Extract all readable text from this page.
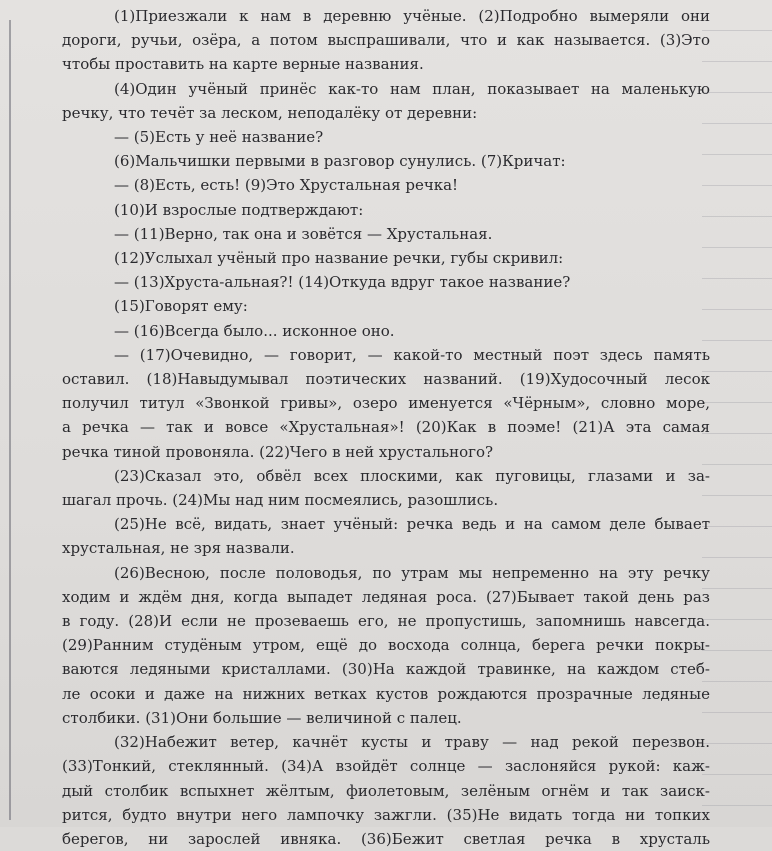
(1)Приезжали к нам в деревню учёные. (2)Подробно вымеряли они
дороги, ручьи, озёра, а потом выспрашивали, что и как называется. (3)Это
чтобы проставить на карте верные названия.
(4)Один учёный принёс как-то нам план, показывает на маленькую
речку, что течёт за леском, неподалёку от деревни:
— (5)Есть у неё название?
(6)Мальчишки первыми в разговор сунулись. (7)Кричат:
— (8)Есть, есть! (9)Это Хрустальная речка!
(10)И взрослые подтверждают:
— (11)Верно, так она и зовётся — Хрустальная.
(12)Услыхал учёный про название речки, губы скривил:
— (13)Хруста-альная?! (14)Откуда вдруг такое название?
(15)Говорят ему:
— (16)Всегда было... исконное оно.
— (17)Очевидно, — говорит, — какой-то местный поэт здесь память
оставил. (18)Навыдумывал поэтических названий. (19)Худосочный лесок
получил титул «Звонкой гривы», озеро именуется «Чёрным», словно море,
а речка — так и вовсе «Хрустальная»! (20)Как в поэме! (21)А эта самая
речка тиной провоняла. (22)Чего в ней хрустального?
(23)Сказал это, обвёл всех плоскими, как пуговицы, глазами и за-
шагал прочь. (24)Мы над ним посмеялись, разошлись.
(25)Не всё, видать, знает учёный: речка ведь и на самом деле бывает
хрустальная, не зря назвали.
(26)Весною, после половодья, по утрам мы непременно на эту речку
ходим и ждём дня, когда выпадет ледяная роса. (27)Бывает такой день раз
в году. (28)И если не прозеваешь его, не пропустишь, запомнишь навсегда.
(29)Ранним студёным утром, ещё до восхода солнца, берега речки покры-
ваются ледяными кристаллами. (30)На каждой травинке, на каждом стеб-
ле осоки и даже на нижних ветках кустов рождаются прозрачные ледяные
столбики. (31)Они большие — величиной с палец.
(32)Набежит ветер, качнёт кусты и траву — над рекой перезвон.
(33)Тонкий, стеклянный. (34)А взойдёт солнце — заслоняйся рукой: каж-
дый столбик вспыхнет жёлтым, фиолетовым, зелёным огнём и так заиск-
рится, будто внутри него лампочку зажгли. (35)Не видать тогда ни топких
берегов, ни зарослей ивняка. (36)Бежит светлая речка в хрусталь
